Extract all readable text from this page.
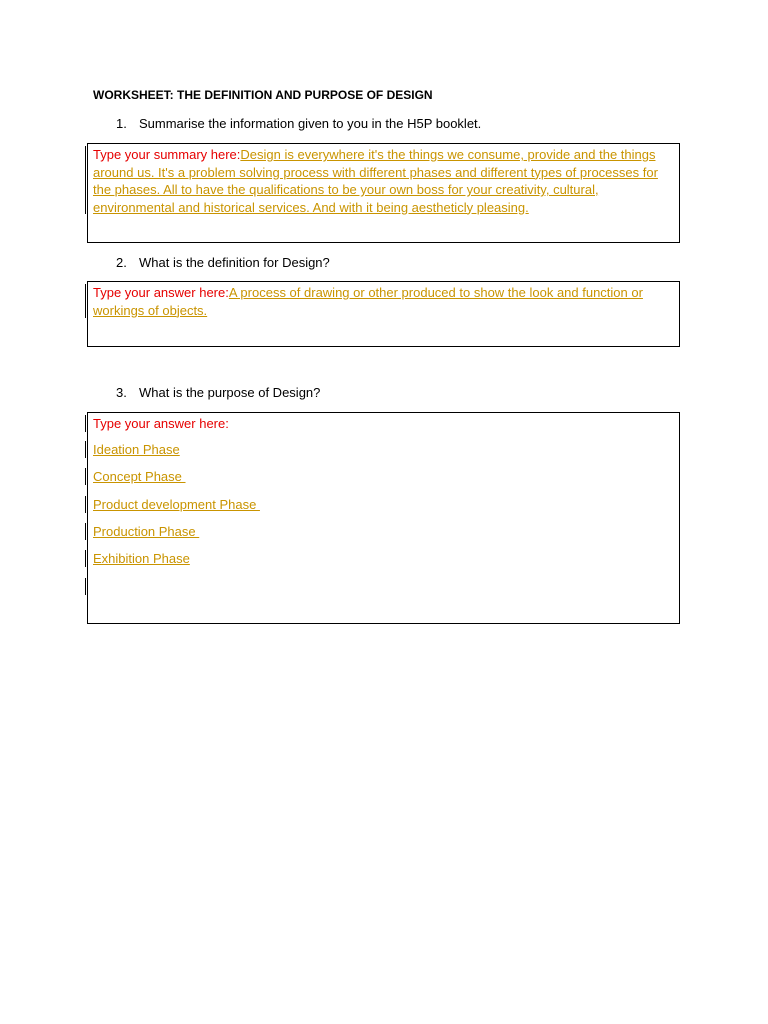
WORKSHEET: THE DEFINITION AND PURPOSE OF DESIGN
1. Summarise the information given to you in the H5P booklet.
Type your summary here:Design is everywhere it's the things we consume, provide and the things around us. It's a problem solving process with different phases and different types of processes for the phases. All to have the qualifications to be your own boss for your creativity, cultural, environmental and historical services. And with it being aestheticly pleasing.
2. What is the definition for Design?
Type your answer here:A process of drawing or other produced to show the look and function or workings of objects.
3. What is the purpose of Design?
Type your answer here:
Ideation Phase
Concept Phase
Product development Phase
Production Phase
Exhibition Phase
